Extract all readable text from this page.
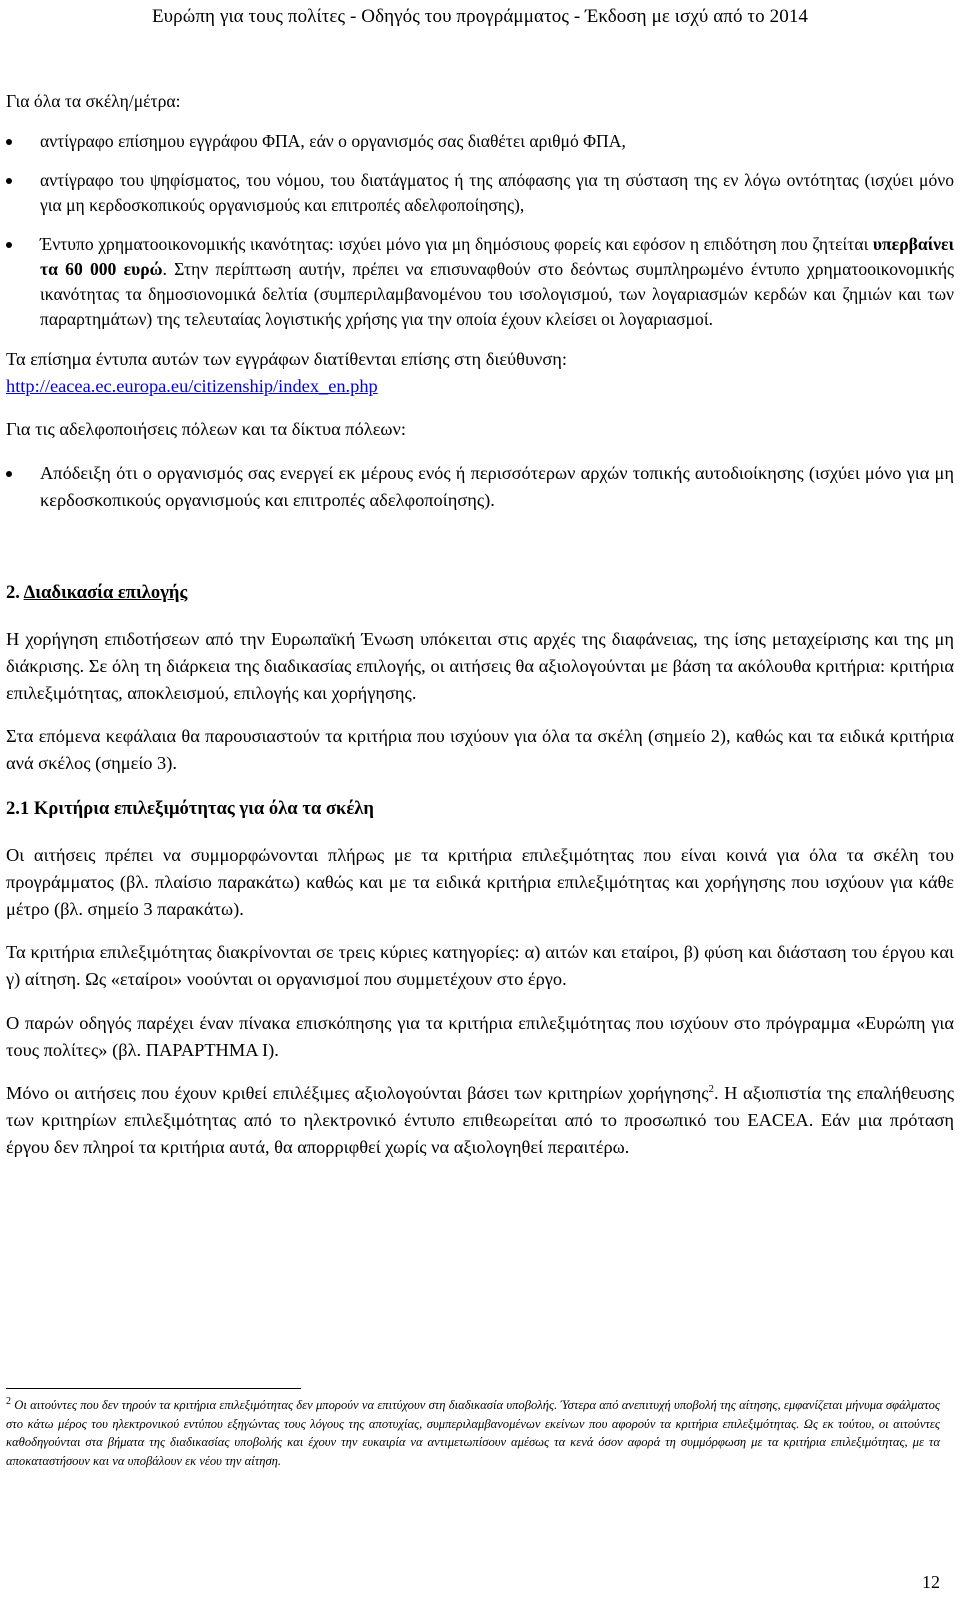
Ευρώπη για τους πολίτες - Οδηγός του προγράμματος - Έκδοση με ισχύ από το 2014

Για όλα τα σκέλη/μέτρα:

αντίγραφο επίσημου εγγράφου ΦΠΑ, εάν ο οργανισμός σας διαθέτει αριθμό ΦΠΑ,
αντίγραφο του ψηφίσματος, του νόμου, του διατάγματος ή της απόφασης για τη σύσταση της εν λόγω οντότητας (ισχύει μόνο για μη κερδοσκοπικούς οργανισμούς και επιτροπές αδελφοποίησης),
Έντυπο χρηματοοικονομικής ικανότητας: ισχύει μόνο για μη δημόσιους φορείς και εφόσον η επιδότηση που ζητείται υπερβαίνει τα 60 000 ευρώ. Στην περίπτωση αυτήν, πρέπει να επισυναφθούν στο δεόντως συμπληρωμένο έντυπο χρηματοοικονομικής ικανότητας τα δημοσιονομικά δελτία (συμπεριλαμβανομένου του ισολογισμού, των λογαριασμών κερδών και ζημιών και των παραρτημάτων) της τελευταίας λογιστικής χρήσης για την οποία έχουν κλείσει οι λογαριασμοί.

Τα επίσημα έντυπα αυτών των εγγράφων διατίθενται επίσης στη διεύθυνση:
http://eacea.ec.europa.eu/citizenship/index_en.php

Για τις αδελφοποιήσεις πόλεων και τα δίκτυα πόλεων:

Απόδειξη ότι ο οργανισμός σας ενεργεί εκ μέρους ενός ή περισσότερων αρχών τοπικής αυτοδιοίκησης (ισχύει μόνο για μη κερδοσκοπικούς οργανισμούς και επιτροπές αδελφοποίησης).
2. Διαδικασία επιλογής

Η χορήγηση επιδοτήσεων από την Ευρωπαϊκή Ένωση υπόκειται στις αρχές της διαφάνειας, της ίσης μεταχείρισης και της μη διάκρισης. Σε όλη τη διάρκεια της διαδικασίας επιλογής, οι αιτήσεις θα αξιολογούνται με βάση τα ακόλουθα κριτήρια: κριτήρια επιλεξιμότητας, αποκλεισμού, επιλογής και χορήγησης.

Στα επόμενα κεφάλαια θα παρουσιαστούν τα κριτήρια που ισχύουν για όλα τα σκέλη (σημείο 2), καθώς και τα ειδικά κριτήρια ανά σκέλος (σημείο 3).

2.1 Κριτήρια επιλεξιμότητας για όλα τα σκέλη

Οι αιτήσεις πρέπει να συμμορφώνονται πλήρως με τα κριτήρια επιλεξιμότητας που είναι κοινά για όλα τα σκέλη του προγράμματος (βλ. πλαίσιο παρακάτω) καθώς και με τα ειδικά κριτήρια επιλεξιμότητας και χορήγησης που ισχύουν για κάθε μέτρο (βλ. σημείο 3 παρακάτω).

Τα κριτήρια επιλεξιμότητας διακρίνονται σε τρεις κύριες κατηγορίες: α) αιτών και εταίροι, β) φύση και διάσταση του έργου και γ) αίτηση. Ως «εταίροι» νοούνται οι οργανισμοί που συμμετέχουν στο έργο.

Ο παρών οδηγός παρέχει έναν πίνακα επισκόπησης για τα κριτήρια επιλεξιμότητας που ισχύουν στο πρόγραμμα «Ευρώπη για τους πολίτες» (βλ. ΠΑΡΑΡΤΗΜΑ Ι).

Μόνο οι αιτήσεις που έχουν κριθεί επιλέξιμες αξιολογούνται βάσει των κριτηρίων χορήγησης$^2$. Η αξιοπιστία της επαλήθευσης των κριτηρίων επιλεξιμότητας από το ηλεκτρονικό έντυπο επιθεωρείται από το προσωπικό του EACEA. Εάν μια πρόταση έργου δεν πληροί τα κριτήρια αυτά, θα απορριφθεί χωρίς να αξιολογηθεί περαιτέρω.

$^2$ Οι αιτούντες που δεν τηρούν τα κριτήρια επιλεξιμότητας δεν μπορούν να επιτύχουν στη διαδικασία υποβολής. Ύστερα από ανεπιτυχή υποβολή της αίτησης, εμφανίζεται μήνυμα σφάλματος στο κάτω μέρος του ηλεκτρονικού εντύπου εξηγώντας τους λόγους της αποτυχίας, συμπεριλαμβανομένων εκείνων που αφορούν τα κριτήρια επιλεξιμότητας. Ως εκ τούτου, οι αιτούντες καθοδηγούνται στα βήματα της διαδικασίας υποβολής και έχουν την ευκαιρία να αντιμετωπίσουν αμέσως τα κενά όσον αφορά τη συμμόρφωση με τα κριτήρια επιλεξιμότητας, με τα αποκαταστήσουν και να υποβάλουν εκ νέου την αίτηση.
12
